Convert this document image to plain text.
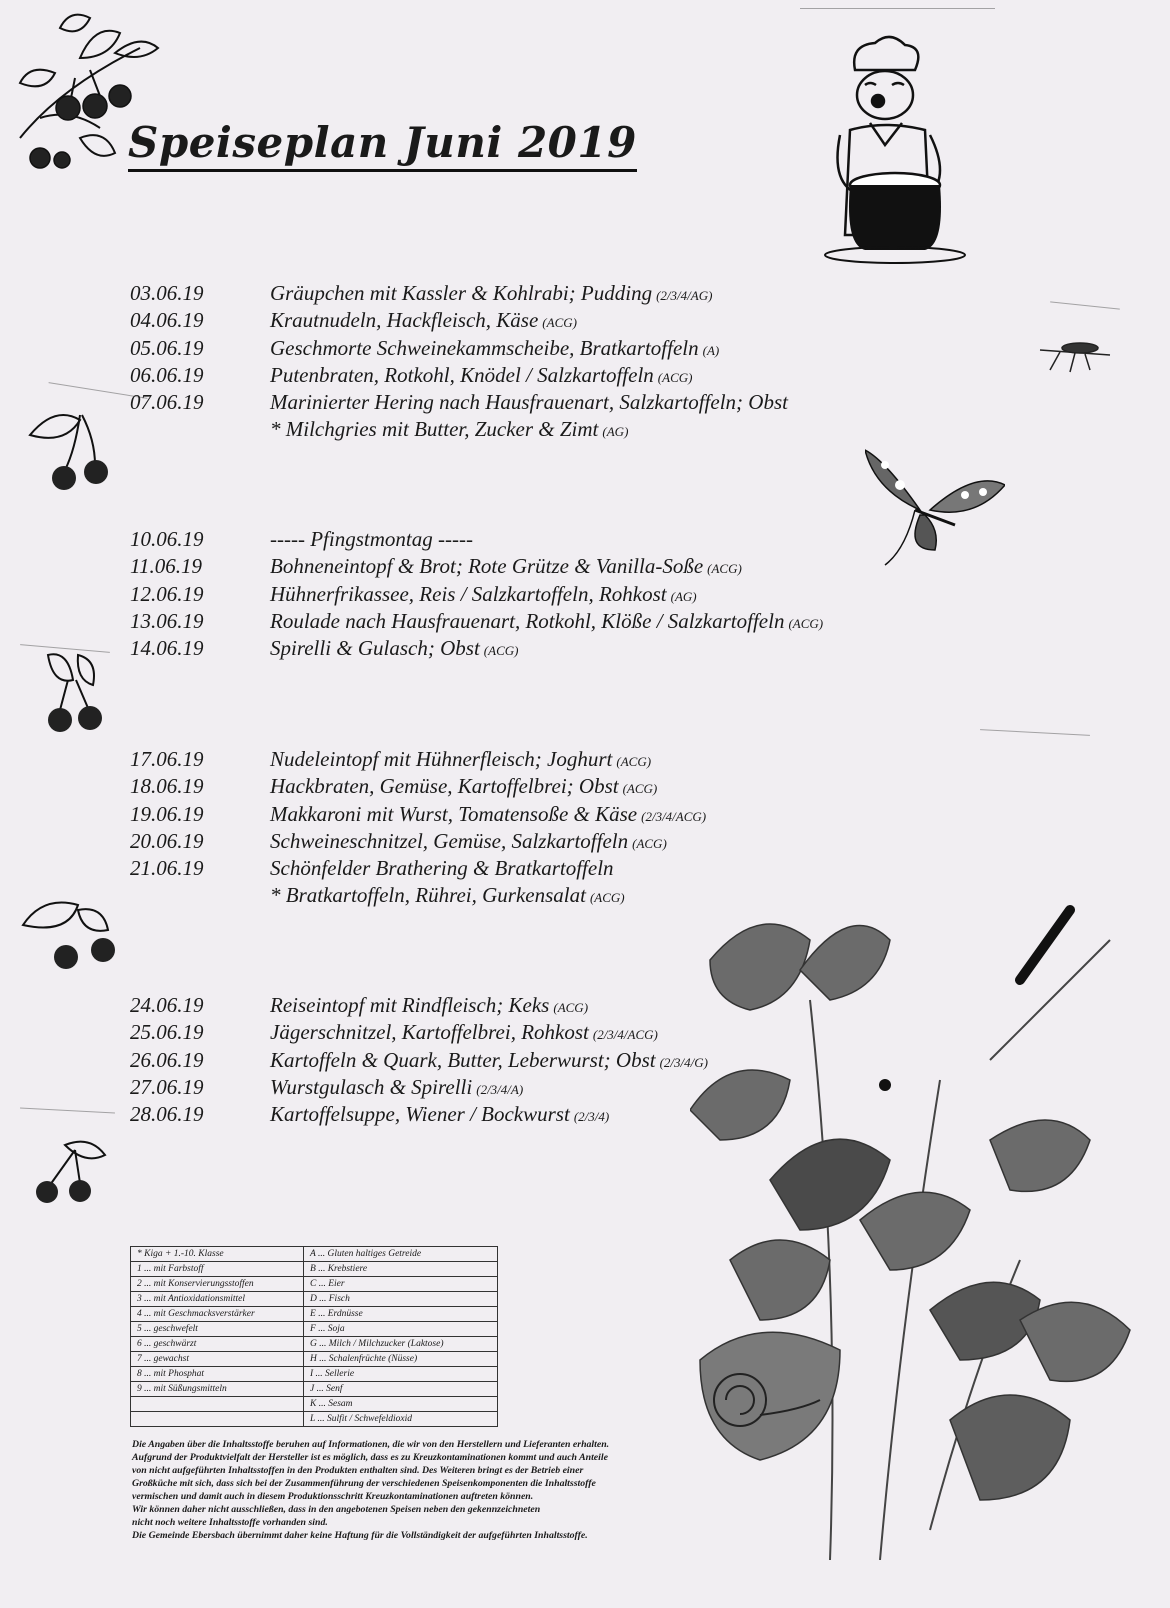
Speiseplan Juni 2019
03.06.19	Gräupchen mit Kassler & Kohlrabi; Pudding (2/3/4/AG)
04.06.19	Krautnudeln, Hackfleisch, Käse (ACG)
05.06.19	Geschmorte Schweinekammscheibe, Bratkartoffeln (A)
06.06.19	Putenbraten, Rotkohl, Knödel / Salzkartoffeln (ACG)
07.06.19	Marinierter Hering nach Hausfrauenart, Salzkartoffeln; Obst
* Milchgries mit Butter, Zucker & Zimt (AG)
10.06.19	----- Pfingstmontag -----
11.06.19	Bohneneintopf & Brot; Rote Grütze & Vanilla-Soße (ACG)
12.06.19	Hühnerfrikassee, Reis / Salzkartoffeln, Rohkost (AG)
13.06.19	Roulade nach Hausfrauenart, Rotkohl, Klöße / Salzkartoffeln (ACG)
14.06.19	Spirelli & Gulasch; Obst (ACG)
17.06.19	Nudeleintopf mit Hühnerfleisch; Joghurt (ACG)
18.06.19	Hackbraten, Gemüse, Kartoffelbrei; Obst (ACG)
19.06.19	Makkaroni mit Wurst, Tomatensoße & Käse (2/3/4/ACG)
20.06.19	Schweineschnitzel, Gemüse, Salzkartoffeln (ACG)
21.06.19	Schönfelder Brathering & Bratkartoffeln
* Bratkartoffeln, Rührei, Gurkensalat (ACG)
24.06.19	Reiseintopf mit Rindfleisch; Keks (ACG)
25.06.19	Jägerschnitzel, Kartoffelbrei, Rohkost (2/3/4/ACG)
26.06.19	Kartoffeln & Quark, Butter, Leberwurst; Obst (2/3/4/G)
27.06.19	Wurstgulasch & Spirelli (2/3/4/A)
28.06.19	Kartoffelsuppe, Wiener / Bockwurst (2/3/4)
* Kiga + 1.-10. Klasse	A ... Gluten haltiges Getreide
1 ... mit Farbstoff	B ... Krebstiere
2 ... mit Konservierungsstoffen	C ... Eier
3 ... mit Antioxidationsmittel	D ... Fisch
4 ... mit Geschmacksverstärker	E ... Erdnüsse
5 ... geschwefelt	F ... Soja
6 ... geschwärzt	G ... Milch / Milchzucker (Laktose)
7 ... gewachst	H ... Schalenfrüchte (Nüsse)
8 ... mit Phosphat	I ... Sellerie
9 ... mit Süßungsmitteln	J ... Senf
	K ... Sesam
	L ... Sulfit / Schwefeldioxid
Die Angaben über die Inhaltsstoffe beruhen auf Informationen, die wir von den Herstellern und Lieferanten erhalten.
Aufgrund der Produktvielfalt der Hersteller ist es möglich, dass es zu Kreuzkontaminationen kommt und auch Anteile
von nicht aufgeführten Inhaltsstoffen in den Produkten enthalten sind. Des Weiteren bringt es der Betrieb einer
Großküche mit sich, dass sich bei der Zusammenführung der verschiedenen Speisenkomponenten die Inhaltsstoffe
vermischen und damit auch in diesem Produktionsschritt Kreuzkontaminationen auftreten können.
Wir können daher nicht ausschließen, dass in den angebotenen Speisen neben den gekennzeichneten
nicht noch weitere Inhaltsstoffe vorhanden sind.
Die Gemeinde Ebersbach übernimmt daher keine Haftung für die Vollständigkeit der aufgeführten Inhaltsstoffe.
